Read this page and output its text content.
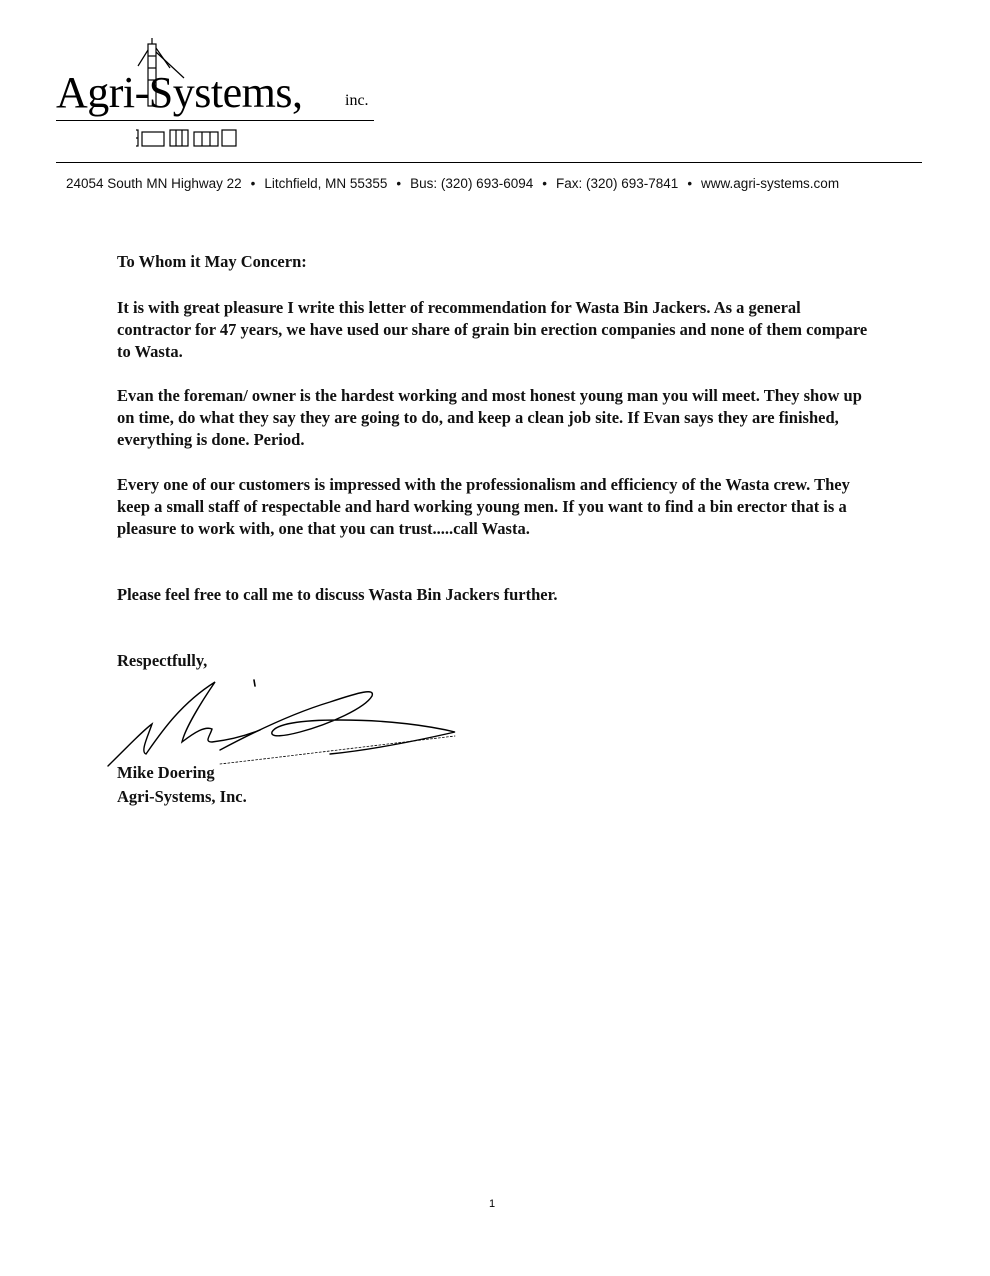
Agri-Systems,	inc.
24054 South MN Highway 22 • Litchfield, MN 55355 • Bus: (320) 693-6094 • Fax: (320) 693-7841 • www.agri-systems.com
To Whom it May Concern:
It is with great pleasure I write this letter of recommendation for Wasta Bin Jackers. As a general contractor for 47 years, we have used our share of grain bin erection companies and none of them compare to Wasta.
Evan the foreman/ owner is the hardest working and most honest young man you will meet. They show up on time, do what they say they are going to do, and keep a clean job site. If Evan says they are finished, everything is done. Period.
Every one of our customers is impressed with the professionalism and efficiency of the Wasta crew. They keep a small staff of respectable and hard working young men. If you want to find a bin erector that is a pleasure to work with, one that you can trust.....call Wasta.
Please feel free to call me to discuss Wasta Bin Jackers further.
Respectfully,
Mike Doering
Agri-Systems, Inc.
1
